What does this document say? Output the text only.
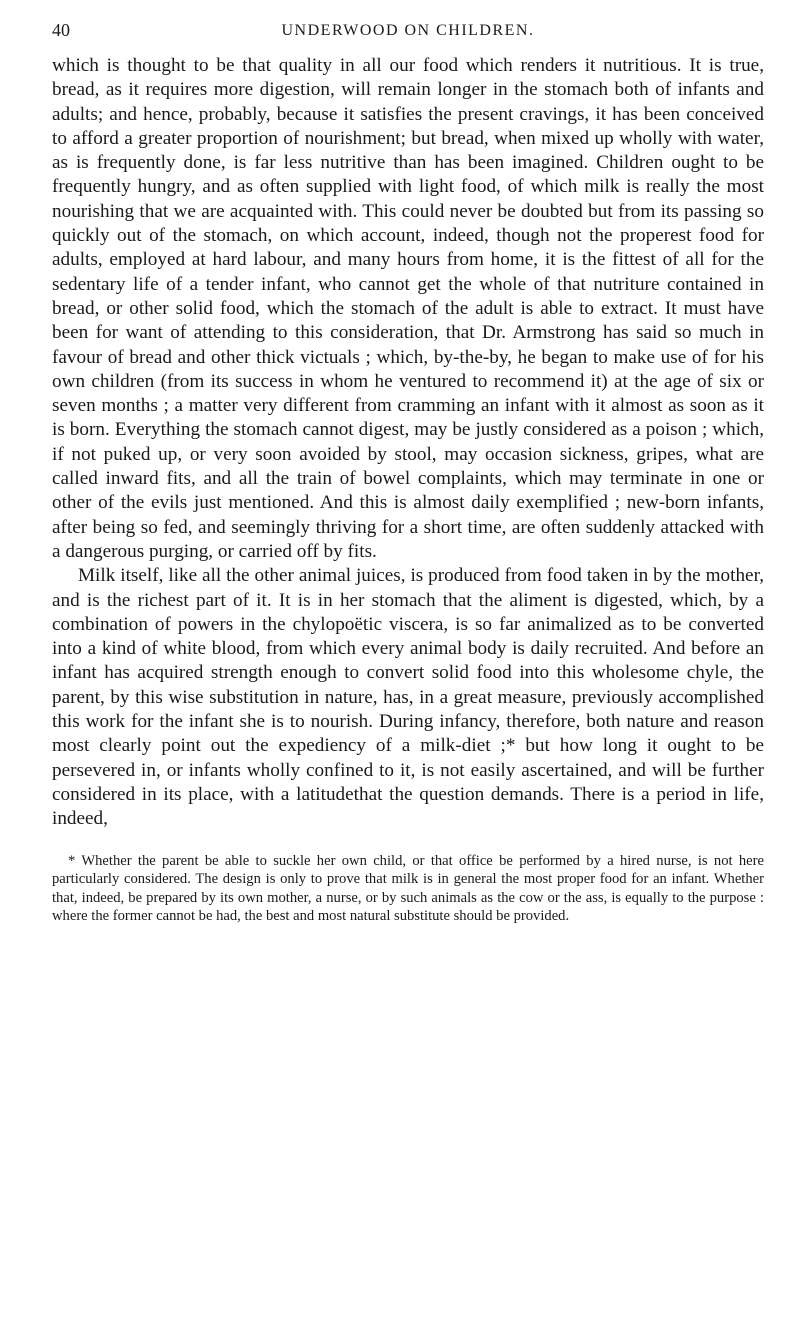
40	UNDERWOOD ON CHILDREN.

which is thought to be that quality in all our food which renders it nutritious. It is true, bread, as it requires more digestion, will remain longer in the stomach both of infants and adults; and hence, probably, because it satisfies the present cravings, it has been conceived to afford a greater proportion of nourishment; but bread, when mixed up wholly with water, as is frequently done, is far less nutritive than has been imagined. Children ought to be frequently hungry, and as often supplied with light food, of which milk is really the most nourishing that we are acquainted with. This could never be doubted but from its passing so quickly out of the stomach, on which account, indeed, though not the properest food for adults, employed at hard labour, and many hours from home, it is the fittest of all for the sedentary life of a tender infant, who cannot get the whole of that nutriture contained in bread, or other solid food, which the stomach of the adult is able to extract. It must have been for want of attending to this consideration, that Dr. Armstrong has said so much in favour of bread and other thick victuals ; which, by-the-by, he began to make use of for his own children (from its success in whom he ventured to recommend it) at the age of six or seven months ; a matter very different from cramming an infant with it almost as soon as it is born. Everything the stomach cannot digest, may be justly considered as a poison ; which, if not puked up, or very soon avoided by stool, may occasion sickness, gripes, what are called inward fits, and all the train of bowel complaints, which may terminate in one or other of the evils just mentioned. And this is almost daily exemplified ; new-born infants, after being so fed, and seemingly thriving for a short time, are often suddenly attacked with a dangerous purging, or carried off by fits.

Milk itself, like all the other animal juices, is produced from food taken in by the mother, and is the richest part of it. It is in her stomach that the aliment is digested, which, by a combination of powers in the chylopoëtic viscera, is so far animalized as to be converted into a kind of white blood, from which every animal body is daily recruited. And before an infant has acquired strength enough to convert solid food into this wholesome chyle, the parent, by this wise substitution in nature, has, in a great measure, previously accomplished this work for the infant she is to nourish. During infancy, therefore, both nature and reason most clearly point out the expediency of a milk-diet ;* but how long it ought to be persevered in, or infants wholly confined to it, is not easily ascertained, and will be further considered in its place, with a latitudethat the question demands. There is a period in life, indeed,

* Whether the parent be able to suckle her own child, or that office be performed by a hired nurse, is not here particularly considered. The design is only to prove that milk is in general the most proper food for an infant. Whether that, indeed, be prepared by its own mother, a nurse, or by such animals as the cow or the ass, is equally to the purpose : where the former cannot be had, the best and most natural substitute should be provided.
